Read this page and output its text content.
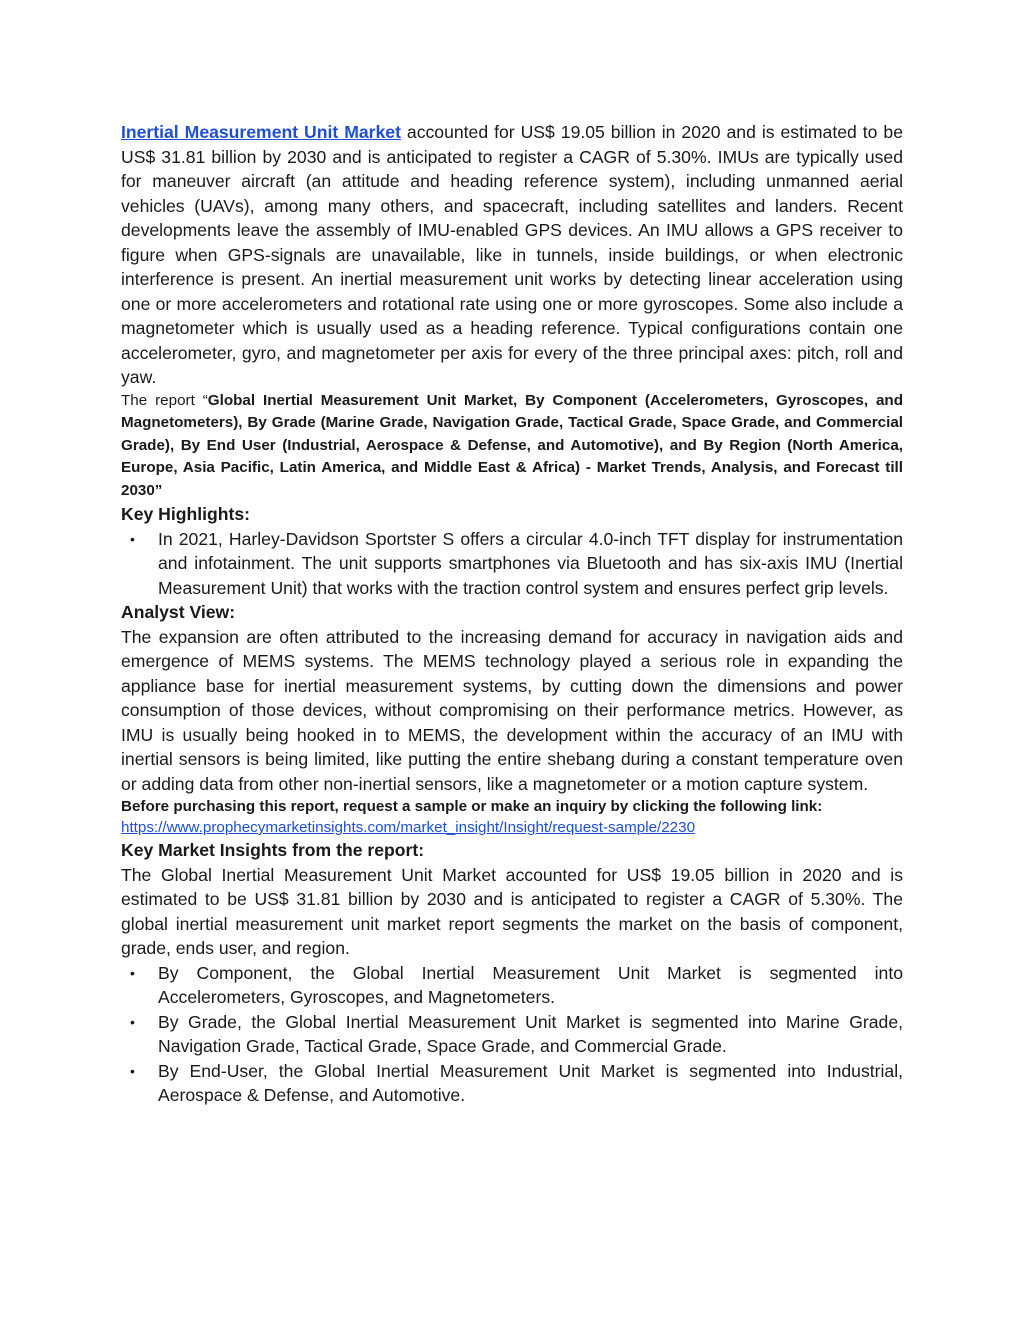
Inertial Measurement Unit Market accounted for US$ 19.05 billion in 2020 and is estimated to be US$ 31.81 billion by 2030 and is anticipated to register a CAGR of 5.30%. IMUs are typically used for maneuver aircraft (an attitude and heading reference system), including unmanned aerial vehicles (UAVs), among many others, and spacecraft, including satellites and landers. Recent developments leave the assembly of IMU-enabled GPS devices. An IMU allows a GPS receiver to figure when GPS-signals are unavailable, like in tunnels, inside buildings, or when electronic interference is present. An inertial measurement unit works by detecting linear acceleration using one or more accelerometers and rotational rate using one or more gyroscopes. Some also include a magnetometer which is usually used as a heading reference. Typical configurations contain one accelerometer, gyro, and magnetometer per axis for every of the three principal axes: pitch, roll and yaw.

The report “Global Inertial Measurement Unit Market, By Component (Accelerometers, Gyroscopes, and Magnetometers), By Grade (Marine Grade, Navigation Grade, Tactical Grade, Space Grade, and Commercial Grade), By End User (Industrial, Aerospace & Defense, and Automotive), and By Region (North America, Europe, Asia Pacific, Latin America, and Middle East & Africa) - Market Trends, Analysis, and Forecast till 2030”

Key Highlights:
• In 2021, Harley-Davidson Sportster S offers a circular 4.0-inch TFT display for instrumentation and infotainment. The unit supports smartphones via Bluetooth and has six-axis IMU (Inertial Measurement Unit) that works with the traction control system and ensures perfect grip levels.
Analyst View:

The expansion are often attributed to the increasing demand for accuracy in navigation aids and emergence of MEMS systems. The MEMS technology played a serious role in expanding the appliance base for inertial measurement systems, by cutting down the dimensions and power consumption of those devices, without compromising on their performance metrics. However, as IMU is usually being hooked in to MEMS, the development within the accuracy of an IMU with inertial sensors is being limited, like putting the entire shebang during a constant temperature oven or adding data from other non-inertial sensors, like a magnetometer or a motion capture system.

Before purchasing this report, request a sample or make an inquiry by clicking the following link:

https://www.prophecymarketinsights.com/market_insight/Insight/request-sample/2230
Key Market Insights from the report:

The Global Inertial Measurement Unit Market accounted for US$ 19.05 billion in 2020 and is estimated to be US$ 31.81 billion by 2030 and is anticipated to register a CAGR of 5.30%. The global inertial measurement unit market report segments the market on the basis of component, grade, ends user, and region.

• By Component, the Global Inertial Measurement Unit Market is segmented into Accelerometers, Gyroscopes, and Magnetometers.
• By Grade, the Global Inertial Measurement Unit Market is segmented into Marine Grade, Navigation Grade, Tactical Grade, Space Grade, and Commercial Grade.
• By End-User, the Global Inertial Measurement Unit Market is segmented into Industrial, Aerospace & Defense, and Automotive.
